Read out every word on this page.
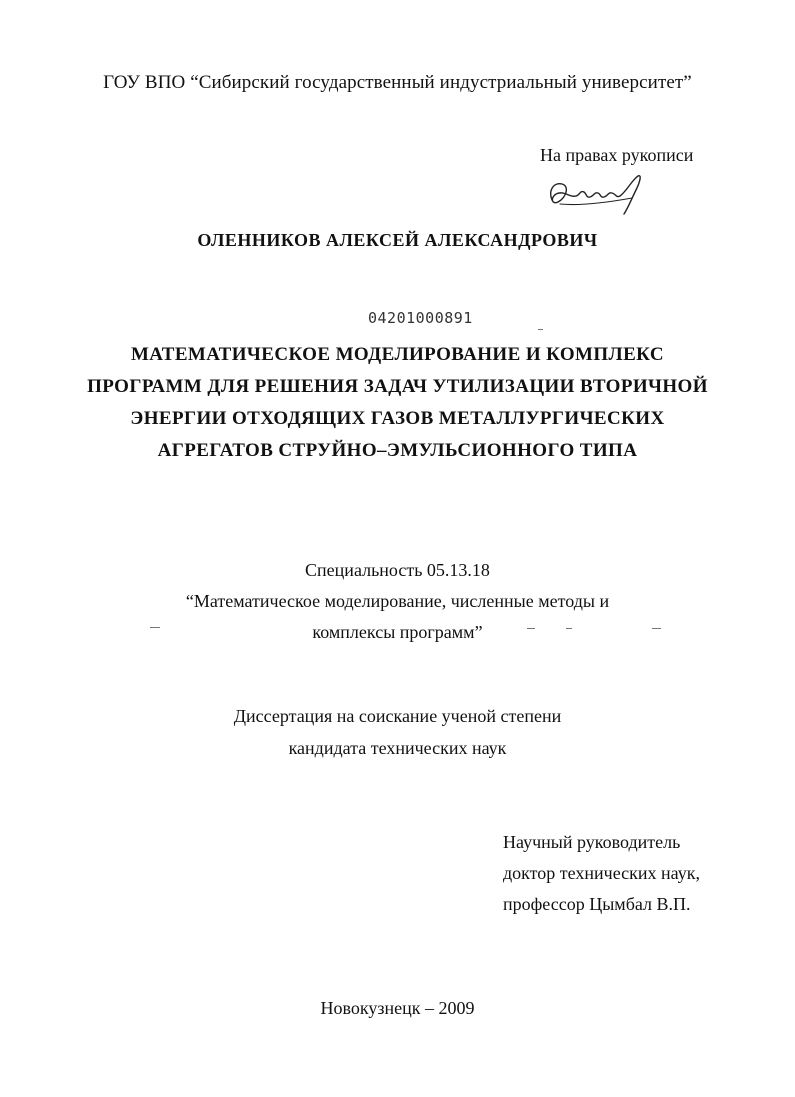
ГОУ ВПО “Сибирский государственный индустриальный университет”
На правах рукописи
ОЛЕННИКОВ АЛЕКСЕЙ АЛЕКСАНДРОВИЧ
04201000891
МАТЕМАТИЧЕСКОЕ МОДЕЛИРОВАНИЕ И КОМПЛЕКС
ПРОГРАММ ДЛЯ РЕШЕНИЯ ЗАДАЧ УТИЛИЗАЦИИ ВТОРИЧНОЙ
ЭНЕРГИИ ОТХОДЯЩИХ ГАЗОВ МЕТАЛЛУРГИЧЕСКИХ
АГРЕГАТОВ СТРУЙНО–ЭМУЛЬСИОННОГО ТИПА
Специальность 05.13.18
“Математическое моделирование, численные методы и
комплексы программ”
Диссертация на соискание ученой степени
кандидата технических наук
Научный руководитель
доктор технических наук,
профессор Цымбал В.П.
Новокузнецк – 2009
